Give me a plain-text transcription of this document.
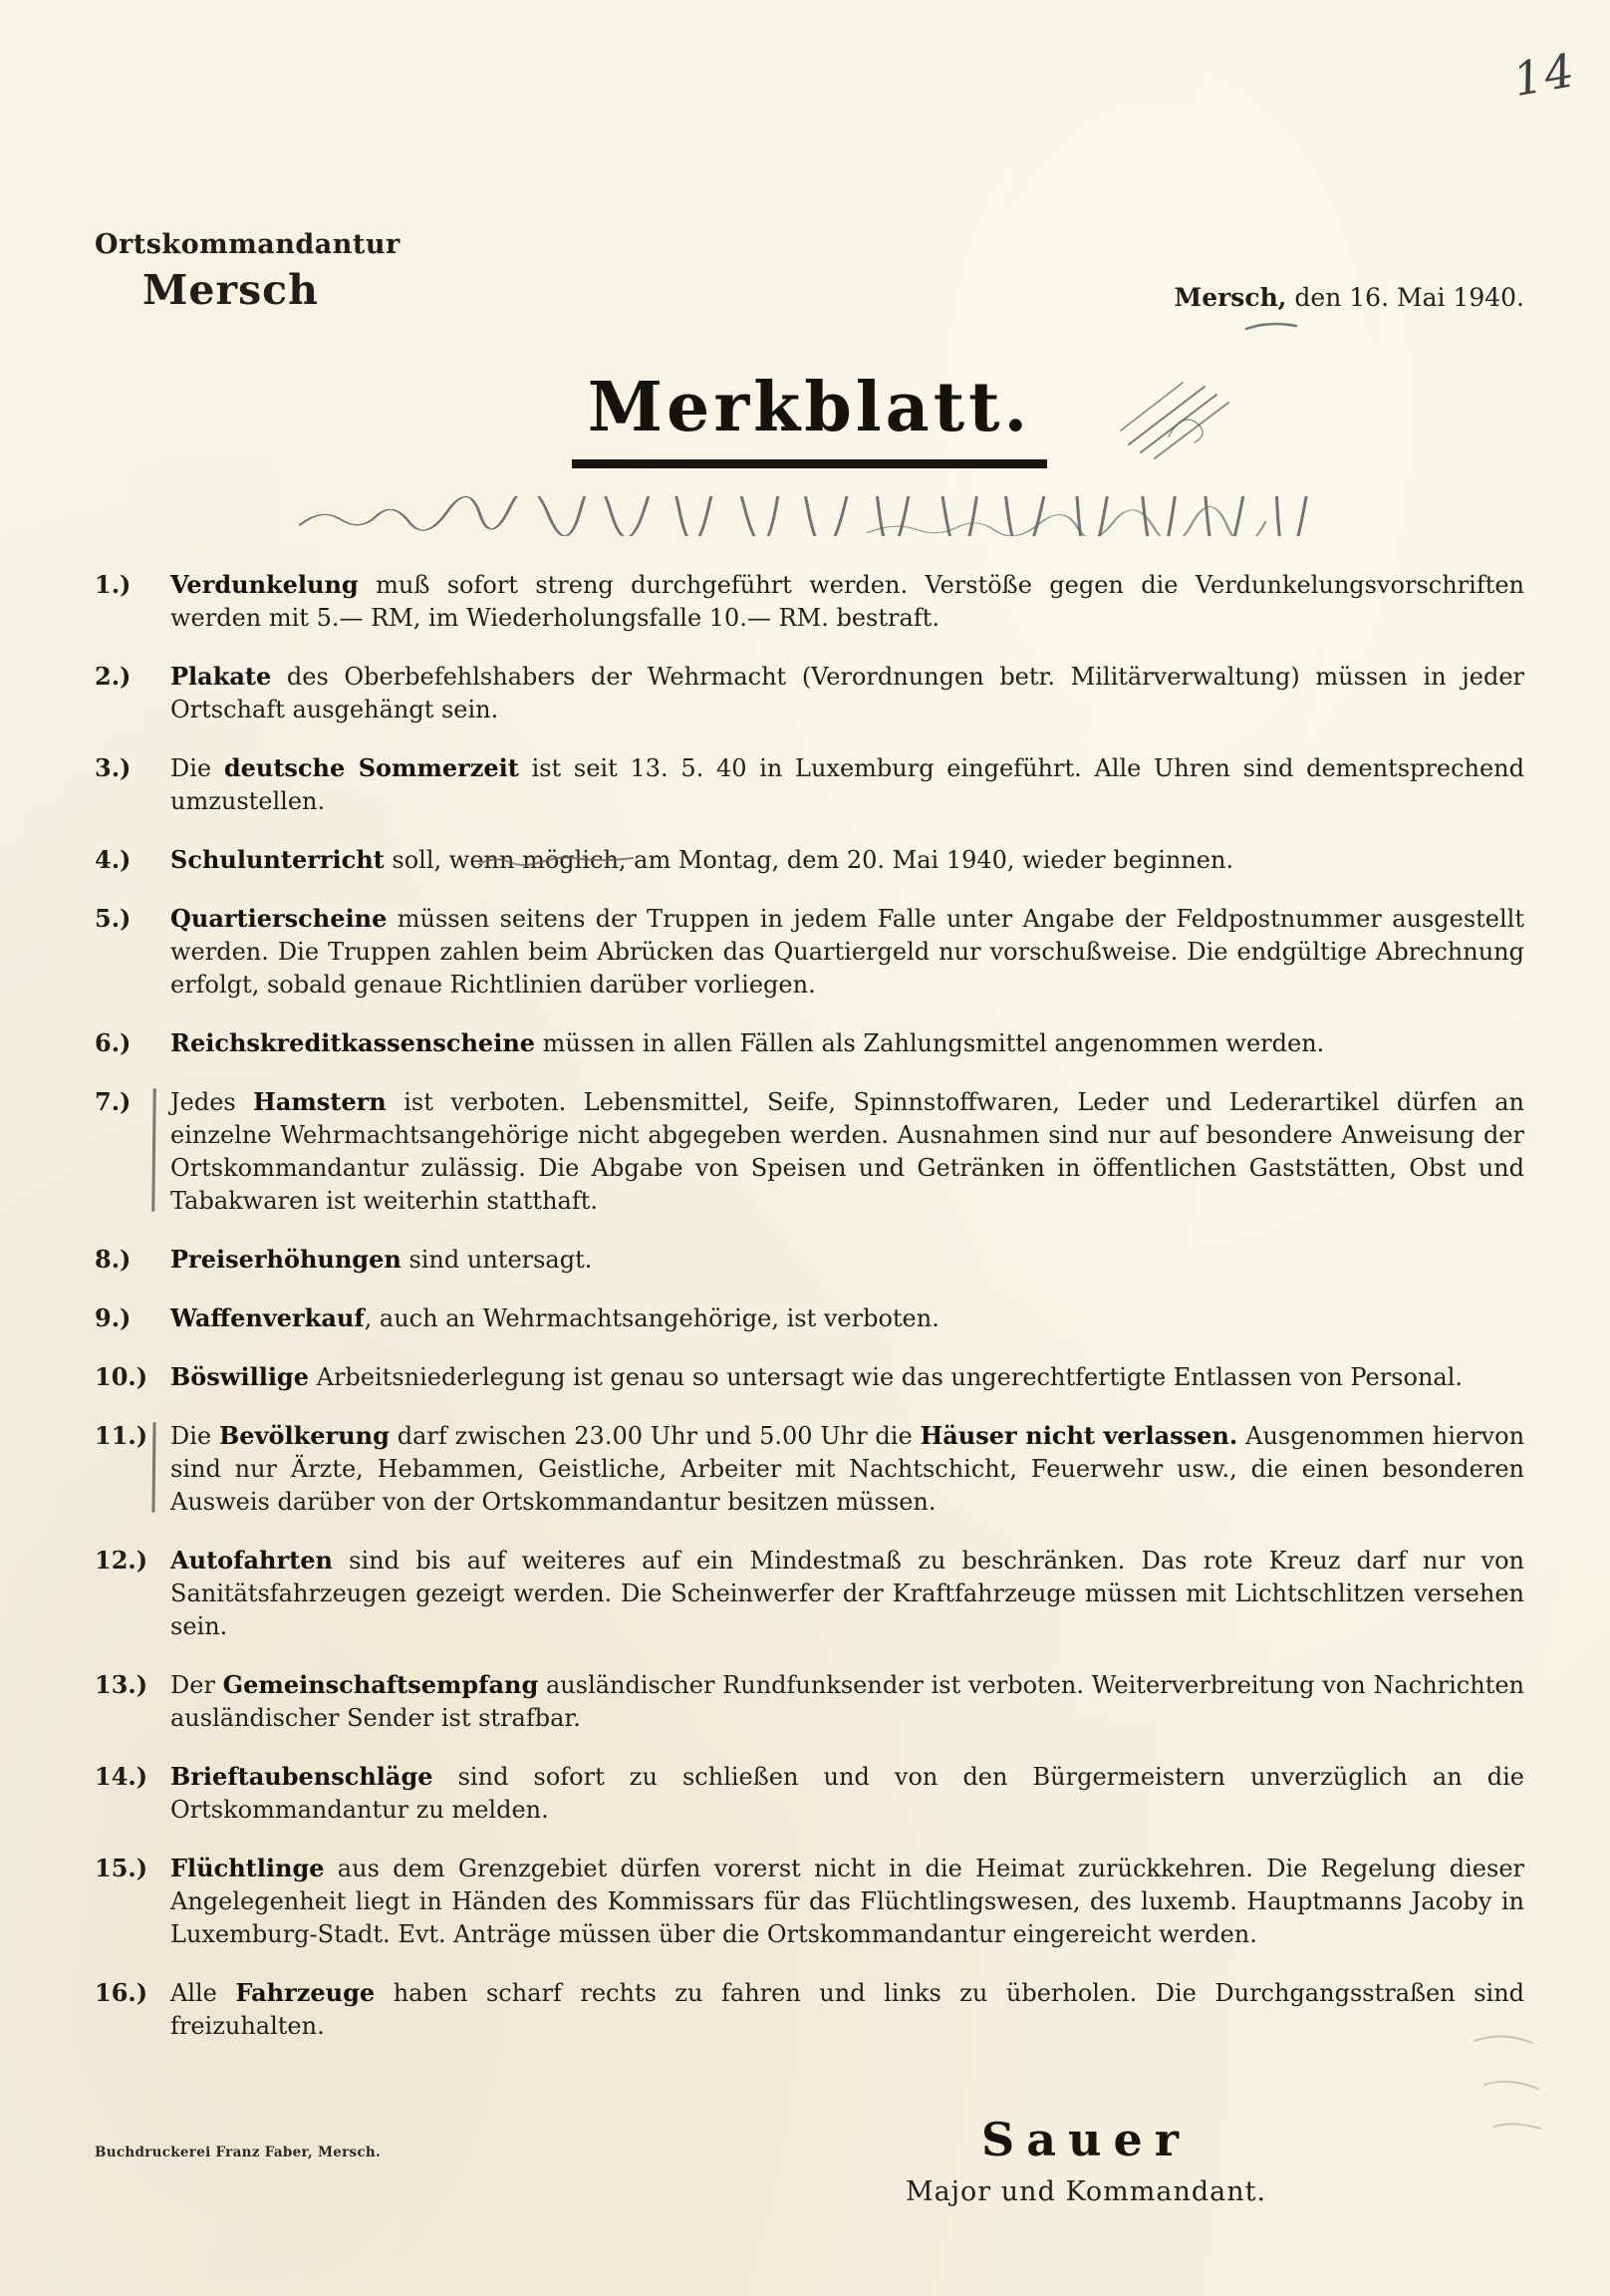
14
Ortskommandantur
Mersch	Mersch, den 16. Mai 1940.
Merkblatt.
1.)	Verdunkelung muß sofort streng durchgeführt werden. Verstöße gegen die Verdunkelungsvorschriften werden mit 5.— RM, im Wiederholungsfalle 10.— RM. bestraft.
2.)	Plakate des Oberbefehlshabers der Wehrmacht (Verordnungen betr. Militärverwaltung) müssen in jeder Ortschaft ausgehängt sein.
3.)	Die deutsche Sommerzeit ist seit 13. 5. 40 in Luxemburg eingeführt. Alle Uhren sind dementsprechend umzustellen.
4.)	Schulunterricht soll, wenn möglich, am Montag, dem 20. Mai 1940, wieder beginnen.
5.)	Quartierscheine müssen seitens der Truppen in jedem Falle unter Angabe der Feldpostnummer ausgestellt werden. Die Truppen zahlen beim Abrücken das Quartiergeld nur vorschußweise. Die endgültige Abrechnung erfolgt, sobald genaue Richtlinien darüber vorliegen.
6.)	Reichskreditkassenscheine müssen in allen Fällen als Zahlungsmittel angenommen werden.
7.)	Jedes Hamstern ist verboten. Lebensmittel, Seife, Spinnstoffwaren, Leder und Lederartikel dürfen an einzelne Wehrmachtsangehörige nicht abgegeben werden. Ausnahmen sind nur auf besondere Anweisung der Ortskommandantur zulässig. Die Abgabe von Speisen und Getränken in öffentlichen Gaststätten, Obst und Tabakwaren ist weiterhin statthaft.
8.)	Preiserhöhungen sind untersagt.
9.)	Waffenverkauf, auch an Wehrmachtsangehörige, ist verboten.
10.) Böswillige Arbeitsniederlegung ist genau so untersagt wie das ungerechtfertigte Entlassen von Personal.
11.) Die Bevölkerung darf zwischen 23.00 Uhr und 5.00 Uhr die Häuser nicht verlassen. Ausgenommen hiervon sind nur Ärzte, Hebammen, Geistliche, Arbeiter mit Nachtschicht, Feuerwehr usw., die einen besonderen Ausweis darüber von der Ortskommandantur besitzen müssen.
12.) Autofahrten sind bis auf weiteres auf ein Mindestmaß zu beschränken. Das rote Kreuz darf nur von Sanitätsfahrzeugen gezeigt werden. Die Scheinwerfer der Kraftfahrzeuge müssen mit Lichtschlitzen versehen sein.
13.) Der Gemeinschaftsempfang ausländischer Rundfunksender ist verboten. Weiterverbreitung von Nachrichten ausländischer Sender ist strafbar.
14.) Brieftaubenschläge sind sofort zu schließen und von den Bürgermeistern unverzüglich an die Ortskommandantur zu melden.
15.) Flüchtlinge aus dem Grenzgebiet dürfen vorerst nicht in die Heimat zurückkehren. Die Regelung dieser Angelegenheit liegt in Händen des Kommissars für das Flüchtlingswesen, des luxemb. Hauptmanns Jacoby in Luxemburg-Stadt. Evt. Anträge müssen über die Ortskommandantur eingereicht werden.
16.) Alle Fahrzeuge haben scharf rechts zu fahren und links zu überholen. Die Durchgangsstraßen sind freizuhalten.
Sauer
Major und Kommandant.
Buchdruckerei Franz Faber, Mersch.
